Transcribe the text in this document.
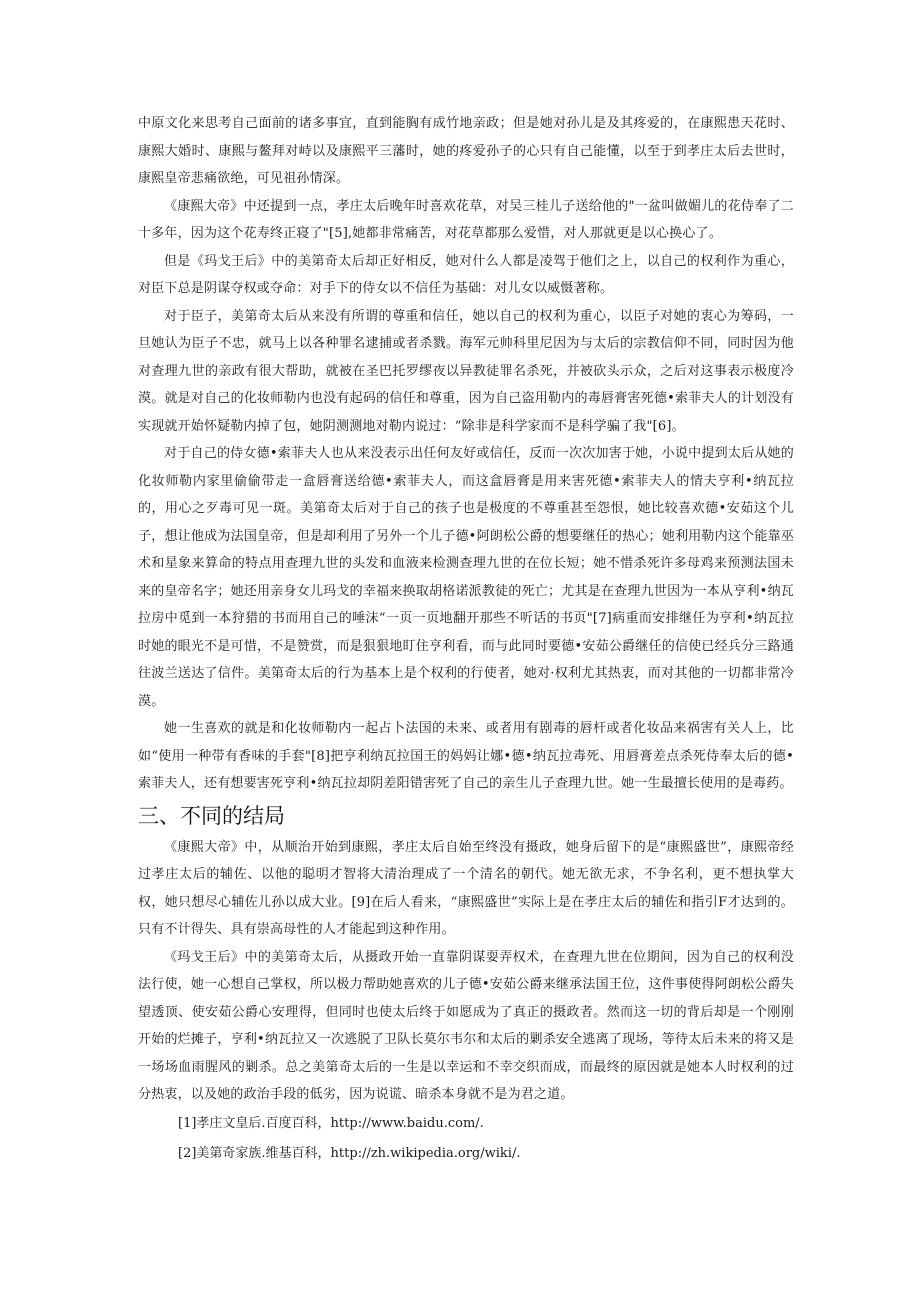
中原文化来思考自己面前的诸多事宜，直到能胸有成竹地亲政；但是她对孙儿是及其疼爱的，在康熙患天花时、康熙大婚时、康熙与鳌拜对峙以及康熙平三藩时，她的疼爱孙子的心只有自己能懂，以至于到孝庄太后去世时，康熙皇帝悲痛欲绝，可见祖孙情深。

《康熙大帝》中还提到一点，孝庄太后晚年时喜欢花草，对吴三桂儿子送给他的"一盆叫做媚儿的花侍奉了二十多年，因为这个花寿终正寝了"[5],她都非常痛苦，对花草都那么爱惜，对人那就更是以心换心了。

但是《玛戈王后》中的美第奇太后却正好相反，她对什么人都是凌驾于他们之上，以自己的权利作为重心，对臣下总是阴谋夺权或夺命：对手下的侍女以不信任为基础：对儿女以威慑著称。

对于臣子，美第奇太后从来没有所谓的尊重和信任，她以自己的权利为重心，以臣子对她的衷心为筹码，一旦她认为臣子不忠，就马上以各种罪名逮捕或者杀戮。海军元帅科里尼因为与太后的宗教信仰不同，同时因为他对查理九世的亲政有很大帮助，就被在圣巴托罗缪夜以异教徒罪名杀死，并被砍头示众，之后对这事表示极度冷漠。就是对自己的化妆师勒内也没有起码的信任和尊重，因为自己盗用勒内的毒唇膏害死德•索菲夫人的计划没有实现就开始怀疑勒内掉了包，她阴测测地对勒内说过：“除非是科学家而不是科学骗了我"[6]。

对于自己的侍女德•索菲夫人也从来没表示出任何友好或信任，反而一次次加害于她，小说中提到太后从她的化妆师勒内家里偷偷带走一盒唇膏送给德•索菲夫人，而这盒唇膏是用来害死德•索菲夫人的情夫亨利•纳瓦拉的，用心之歹毒可见一斑。美第奇太后对于自己的孩子也是极度的不尊重甚至怨恨，她比较喜欢德•安茹这个儿子，想让他成为法国皇帝，但是却利用了另外一个儿子德•阿朗松公爵的想要继任的热心；她利用勒内这个能靠巫术和星象来算命的特点用查理九世的头发和血液来检测查理九世的在位长短；她不惜杀死许多母鸡来预测法国未来的皇帝名字；她还用亲身女儿玛戈的幸福来换取胡格诺派教徒的死亡；尤其是在查理九世因为一本从亨利•纳瓦拉房中觅到一本狩猎的书而用自己的唾沫“一页一页地翻开那些不听话的书页"[7]病重而安排继任为亨利•纳瓦拉时她的眼光不是可惜，不是赞赏，而是狠狠地盯住亨利看，而与此同时要德•安茹公爵继任的信使已经兵分三路通往波兰送达了信件。美第奇太后的行为基本上是个权利的行使者，她对·权利尤其热衷，而对其他的一切都非常冷漠。

她一生喜欢的就是和化妆师勒内一起占卜法国的未来、或者用有剧毒的唇杆或者化妆品来祸害有关人上，比如“使用一种带有香味的手套"[8]把亨利纳瓦拉国王的妈妈让娜•德•纳瓦拉毒死、用唇膏差点杀死侍奉太后的德•索菲夫人，还有想要害死亨利•纳瓦拉却阴差阳错害死了自己的亲生儿子查理九世。她一生最擅长使用的是毒药。

三、不同的结局

《康熙大帝》中，从顺治开始到康熙，孝庄太后自始至终没有摄政，她身后留下的是“康熙盛世”，康熙帝经过孝庄太后的辅佐、以他的聪明才智将大清治理成了一个清名的朝代。她无欲无求，不争名利，更不想执掌大权，她只想尽心辅佐儿孙以成大业。[9]在后人看来，“康熙盛世”实际上是在孝庄太后的辅佐和指引F才达到的。只有不计得失、具有崇高母性的人才能起到这种作用。

《玛戈王后》中的美第奇太后，从摄政开始一直靠阴谋耍弄权术，在查理九世在位期间，因为自己的权利没法行使，她一心想自己掌权，所以极力帮助她喜欢的儿子德•安茹公爵来继承法国王位，这件事使得阿朗松公爵失望透顶、使安茹公爵心安理得，但同时也使太后终于如愿成为了真正的摄政者。然而这一切的背后却是一个刚刚开始的烂摊子，亨利•纳瓦拉又一次逃脱了卫队长莫尔韦尔和太后的剿杀安全逃离了现场，等待太后未来的将又是一场场血雨腥风的剿杀。总之美第奇太后的一生是以幸运和不幸交织而成，而最终的原因就是她本人时权利的过分热衷，以及她的政治手段的低劣，因为说谎、暗杀本身就不是为君之道。

[1]孝庄文皇后.百度百科，http://www.baidu.com/.

[2]美第奇家族.维基百科，http://zh.wikipedia.org/wiki/.
